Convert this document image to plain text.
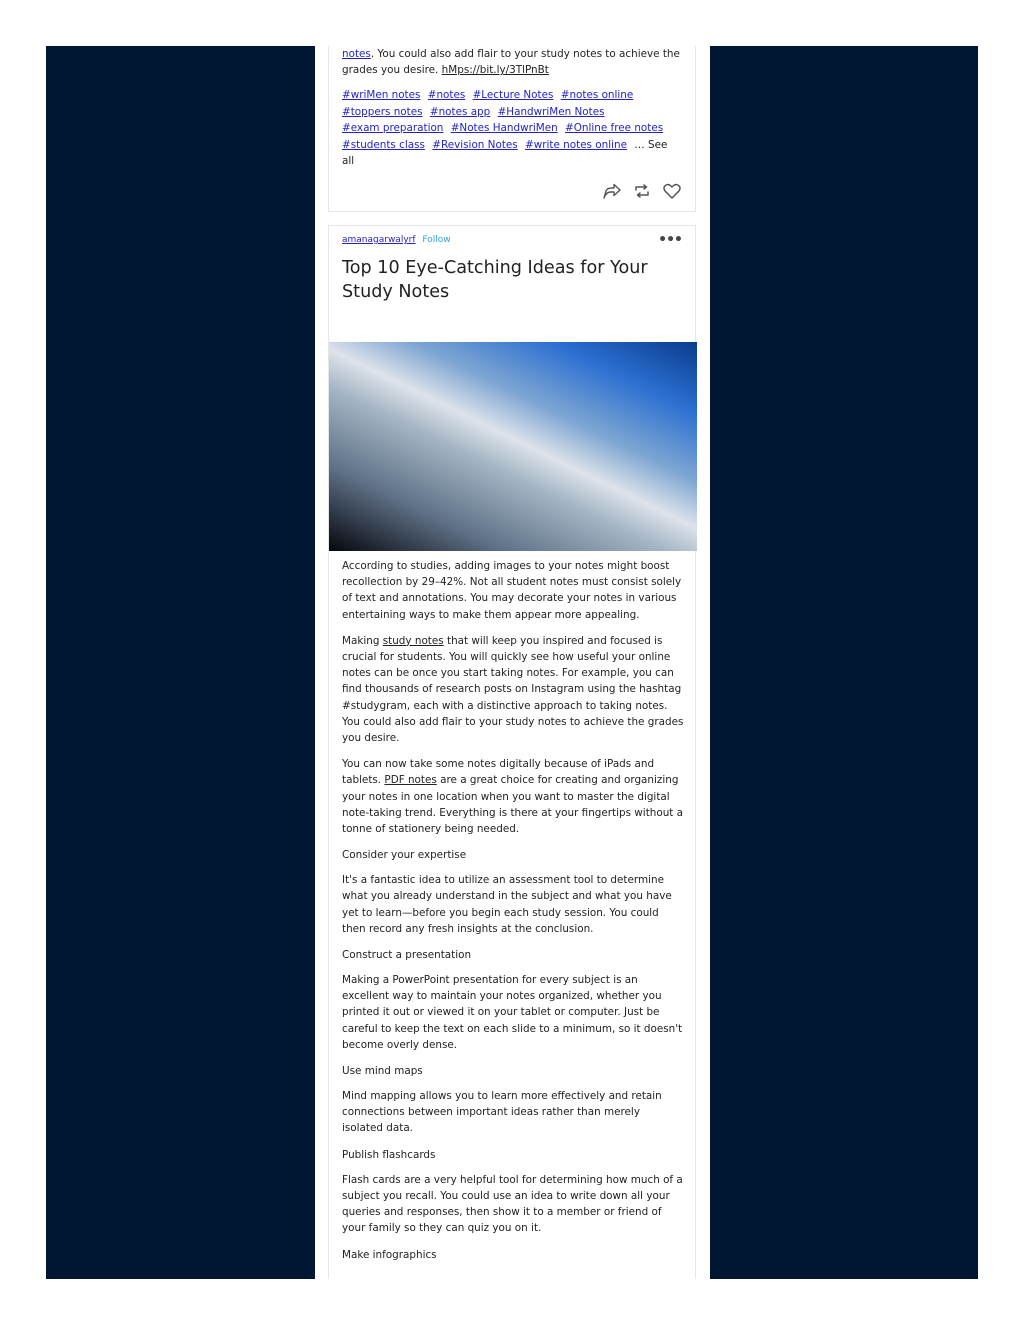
notes. You could also add flair to your study notes to achieve the grades you desire. hMps://bit.ly/3TlPnBt

#wriMen notes #notes #Lecture Notes #notes online
#toppers notes #notes app #HandwriMen Notes
#exam preparation #Notes HandwriMen #Online free notes
#students class #Revision Notes #write notes online … See all
amanagarwalyrf Follow	•••
Top 10 Eye-Catching Ideas for Your Study Notes

According to studies, adding images to your notes might boost recollection by 29–42%. Not all student notes must consist solely of text and annotations. You may decorate your notes in various entertaining ways to make them appear more appealing.

Making study notes that will keep you inspired and focused is crucial for students. You will quickly see how useful your online notes can be once you start taking notes. For example, you can find thousands of research posts on Instagram using the hashtag #studygram, each with a distinctive approach to taking notes. You could also add flair to your study notes to achieve the grades you desire.

You can now take some notes digitally because of iPads and tablets. PDF notes are a great choice for creating and organizing your notes in one location when you want to master the digital note-taking trend. Everything is there at your fingertips without a tonne of stationery being needed.

Consider your expertise

It's a fantastic idea to utilize an assessment tool to determine what you already understand in the subject and what you have yet to learn—before you begin each study session. You could then record any fresh insights at the conclusion.

Construct a presentation

Making a PowerPoint presentation for every subject is an excellent way to maintain your notes organized, whether you printed it out or viewed it on your tablet or computer. Just be careful to keep the text on each slide to a minimum, so it doesn't become overly dense.

Use mind maps

Mind mapping allows you to learn more effectively and retain connections between important ideas rather than merely isolated data.

Publish flashcards

Flash cards are a very helpful tool for determining how much of a subject you recall. You could use an idea to write down all your queries and responses, then show it to a member or friend of your family so they can quiz you on it.

Make infographics
